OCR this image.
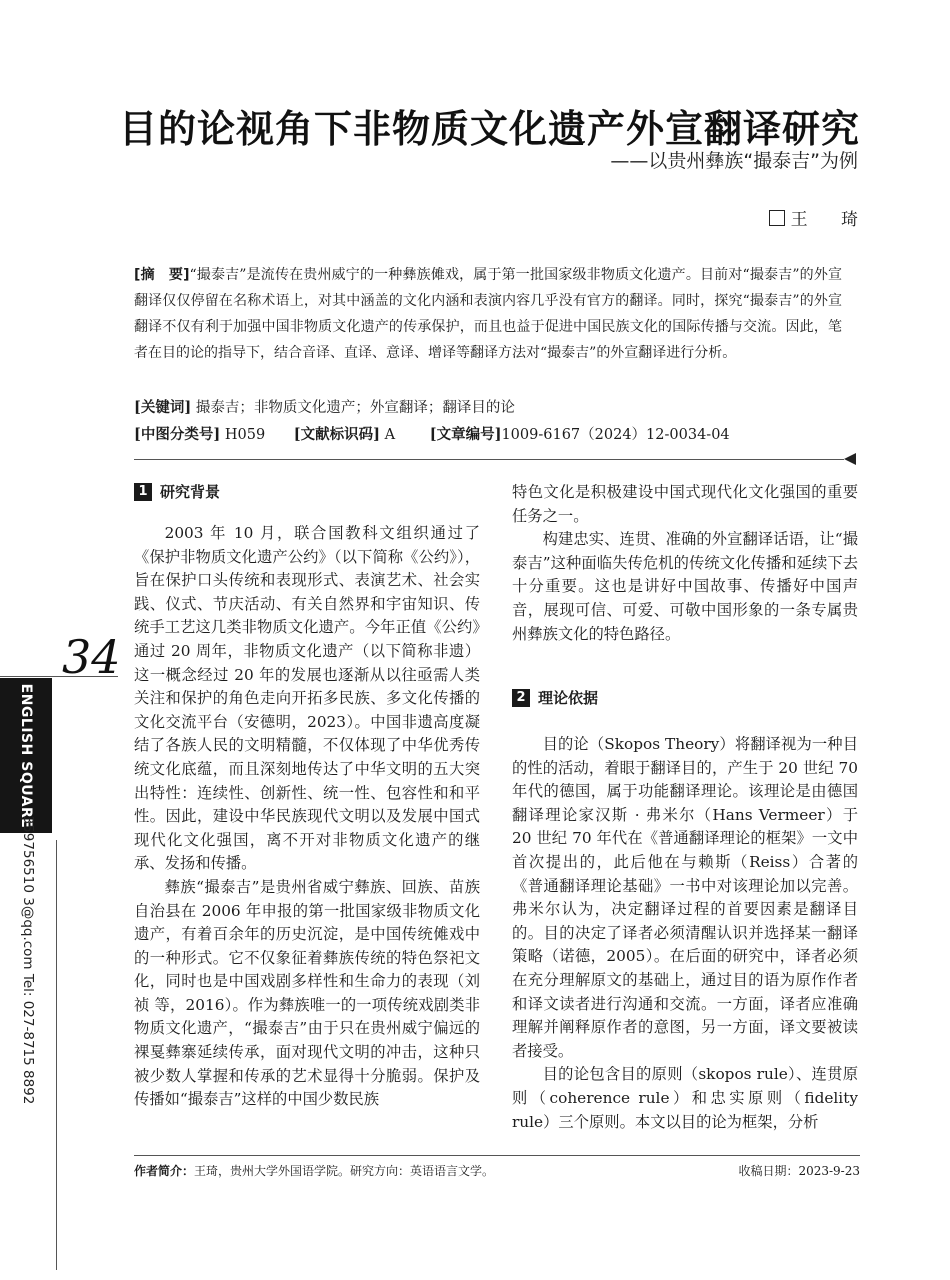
目的论视角下非物质文化遗产外宣翻译研究
——以贵州彝族“撮泰吉”为例
王 琦

[摘　要]“撮泰吉”是流传在贵州威宁的一种彝族傩戏，属于第一批国家级非物质文化遗产。目前对“撮泰吉”的外宣翻译仅仅停留在名称术语上，对其中涵盖的文化内涵和表演内容几乎没有官方的翻译。同时，探究“撮泰吉”的外宣翻译不仅有利于加强中国非物质文化遗产的传承保护，而且也益于促进中国民族文化的国际传播与交流。因此，笔者在目的论的指导下，结合音译、直译、意译、增译等翻译方法对“撮泰吉”的外宣翻译进行分析。

[关键词] 撮泰吉；非物质文化遗产；外宣翻译；翻译目的论
[中图分类号] H059 [文献标识码] A [文章编号]1009-6167（2024）12-0034-04
1 研究背景

2003 年 10 月，联合国教科文组织通过了《保护非物质文化遗产公约》（以下简称《公约》），旨在保护口头传统和表现形式、表演艺术、社会实践、仪式、节庆活动、有关自然界和宇宙知识、传统手工艺这几类非物质文化遗产。今年正值《公约》通过 20 周年，非物质文化遗产（以下简称非遗）这一概念经过 20 年的发展也逐渐从以往亟需人类关注和保护的角色走向开拓多民族、多文化传播的文化交流平台（安德明，2023）。中国非遗高度凝结了各族人民的文明精髓，不仅体现了中华优秀传统文化底蕴，而且深刻地传达了中华文明的五大突出特性：连续性、创新性、统一性、包容性和和平性。因此，建设中华民族现代文明以及发展中国式现代化文化强国，离不开对非物质文化遗产的继承、发扬和传播。

彝族“撮泰吉”是贵州省威宁彝族、回族、苗族自治县在 2006 年申报的第一批国家级非物质文化遗产，有着百余年的历史沉淀，是中国传统傩戏中的一种形式。它不仅象征着彝族传统的特色祭祀文化，同时也是中国戏剧多样性和生命力的表现（刘祯 等，2016）。作为彝族唯一的一项传统戏剧类非物质文化遗产，“撮泰吉”由于只在贵州威宁偏远的裸戛彝寨延续传承，面对现代文明的冲击，这种只被少数人掌握和传承的艺术显得十分脆弱。保护及传播如“撮泰吉”这样的中国少数民族

特色文化是积极建设中国式现代化文化强国的重要任务之一。

构建忠实、连贯、准确的外宣翻译话语，让“撮泰吉”这种面临失传危机的传统文化传播和延续下去十分重要。这也是讲好中国故事、传播好中国声音，展现可信、可爱、可敬中国形象的一条专属贵州彝族文化的特色路径。

2 理论依据

目的论（Skopos Theory）将翻译视为一种目的性的活动，着眼于翻译目的，产生于 20 世纪 70 年代的德国，属于功能翻译理论。该理论是由德国翻译理论家汉斯 · 弗米尔（Hans Vermeer）于 20 世纪 70 年代在《普通翻译理论的框架》一文中首次提出的，此后他在与赖斯（Reiss）合著的《普通翻译理论基础》一书中对该理论加以完善。弗米尔认为，决定翻译过程的首要因素是翻译目的。目的决定了译者必须清醒认识并选择某一翻译策略（诺德，2005）。在后面的研究中，译者必须在充分理解原文的基础上，通过目的语为原作作者和译文读者进行沟通和交流。一方面，译者应准确理解并阐释原作者的意图，另一方面，译文要被读者接受。

目的论包含目的原则（skopos rule）、连贯原则（coherence rule）和忠实原则（fidelity rule）三个原则。本文以目的论为框架，分析

34
ENGLISH SQUARE
359756510 3@qq.com Tel: 027-8715 8892
作者简介：王琦，贵州大学外国语学院。研究方向：英语语言文学。	收稿日期：2023-9-23
